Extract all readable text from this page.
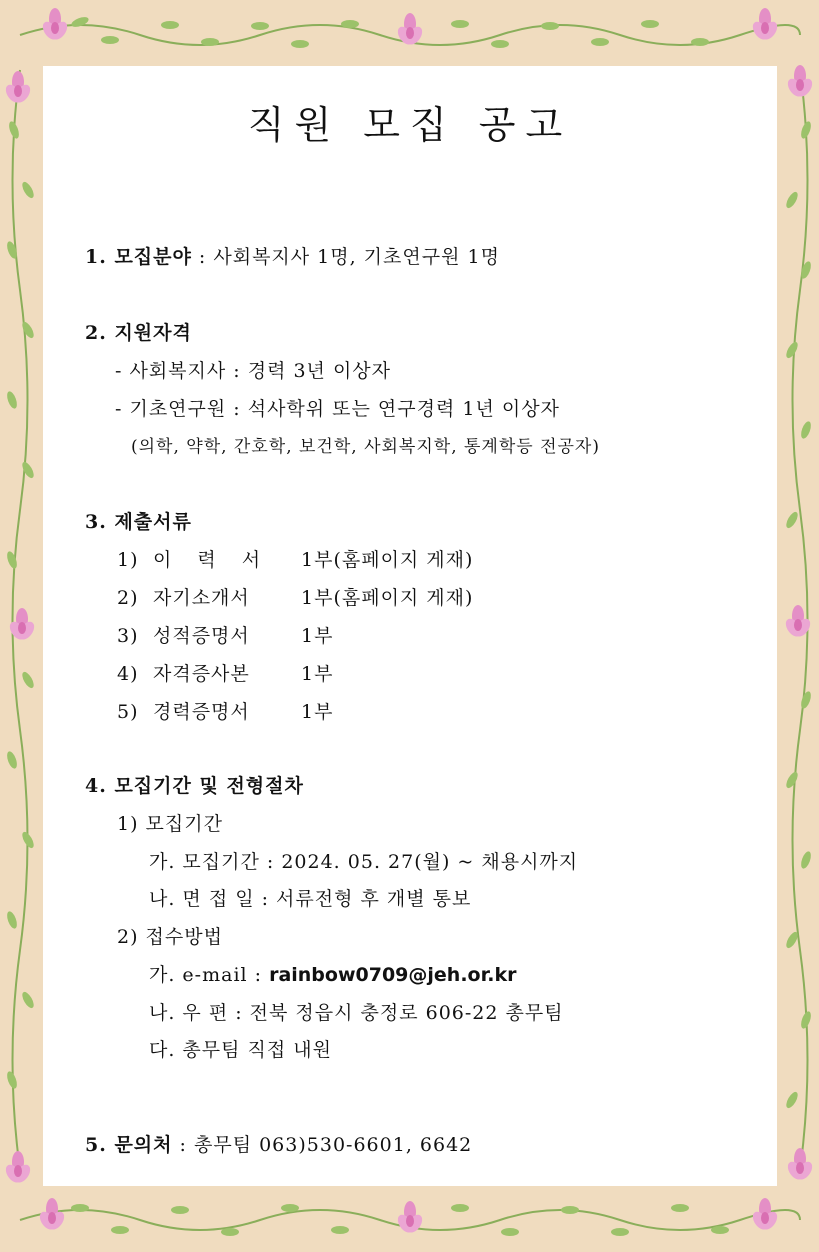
직원 모집 공고
1. 모집분야 : 사회복지사 1명, 기초연구원 1명
2. 지원자격
- 사회복지사 : 경력 3년 이상자
- 기초연구원 : 석사학위 또는 연구경력 1년 이상자
(의학, 약학, 간호학, 보건학, 사회복지학, 통계학등 전공자)
3. 제출서류
1) 이 력 서 1부(홈페이지 게재)
2) 자기소개서	1부(홈페이지 게재)
3) 성적증명서	1부
4) 자격증사본	1부
5) 경력증명서	1부
4. 모집기간 및 전형절차
1) 모집기간
가. 모집기간 : 2024. 05. 27(월) ~ 채용시까지
나. 면 접 일 : 서류전형 후 개별 통보
2) 접수방법
가. e-mail : rainbow0709@jeh.or.kr
나. 우 편 : 전북 정읍시 충정로 606-22 총무팀
다. 총무팀 직접 내원
5. 문의처 : 총무팀 063)530-6601, 6642
